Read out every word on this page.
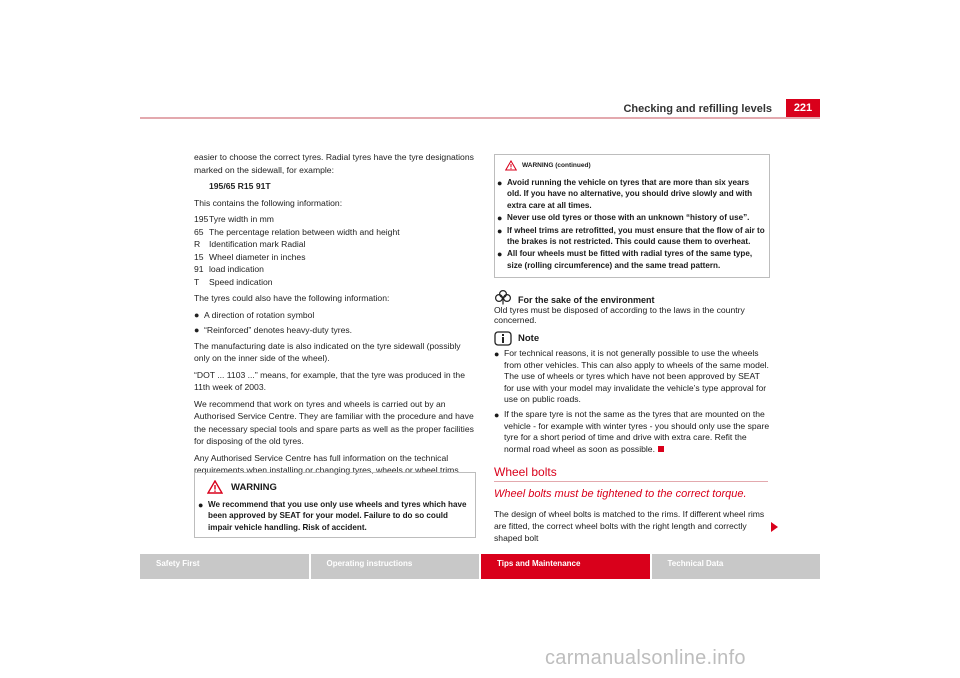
Checking and refilling levels	221

easier to choose the correct tyres. Radial tyres have the tyre designations marked on the sidewall, for example:

195/65 R15 91T

This contains the following information:

195 Tyre width in mm
65 The percentage relation between width and height
R	Identification mark Radial
15 Wheel diameter in inches
91 load indication
T	Speed indication

The tyres could also have the following information:

● A direction of rotation symbol
● “Reinforced” denotes heavy-duty tyres.

The manufacturing date is also indicated on the tyre sidewall (possibly only on the inner side of the wheel).

“DOT ... 1103 ...” means, for example, that the tyre was produced in the 11th week of 2003.

We recommend that work on tyres and wheels is carried out by an Authorised Service Centre. They are familiar with the procedure and have the necessary special tools and spare parts as well as the proper facilities for disposing of the old tyres.

Any Authorised Service Centre has full information on the technical requirements when installing or changing tyres, wheels or wheel trims.

WARNING
● We recommend that you use only use wheels and tyres which have been approved by SEAT for your model. Failure to do so could impair vehicle handling. Risk of accident.
WARNING (continued)
● Avoid running the vehicle on tyres that are more than six years old. If you have no alternative, you should drive slowly and with extra care at all times.
● Never use old tyres or those with an unknown “history of use”.
● If wheel trims are retrofitted, you must ensure that the flow of air to the brakes is not restricted. This could cause them to overheat.
● All four wheels must be fitted with radial tyres of the same type, size (rolling circumference) and the same tread pattern.
For the sake of the environment
Old tyres must be disposed of according to the laws in the country concerned.
Note
● For technical reasons, it is not generally possible to use the wheels from other vehicles. This can also apply to wheels of the same model. The use of wheels or tyres which have not been approved by SEAT for use with your model may invalidate the vehicle’s type approval for use on public roads.
● If the spare tyre is not the same as the tyres that are mounted on the vehicle - for example with winter tyres - you should only use the spare tyre for a short period of time and drive with extra care. Refit the normal road wheel as soon as possible.
Wheel bolts
Wheel bolts must be tightened to the correct torque.
The design of wheel bolts is matched to the rims. If different wheel rims are fitted, the correct wheel bolts with the right length and correctly shaped bolt
Safety First	Operating instructions	Tips and Maintenance	Technical Data
carmanualsonline.info
